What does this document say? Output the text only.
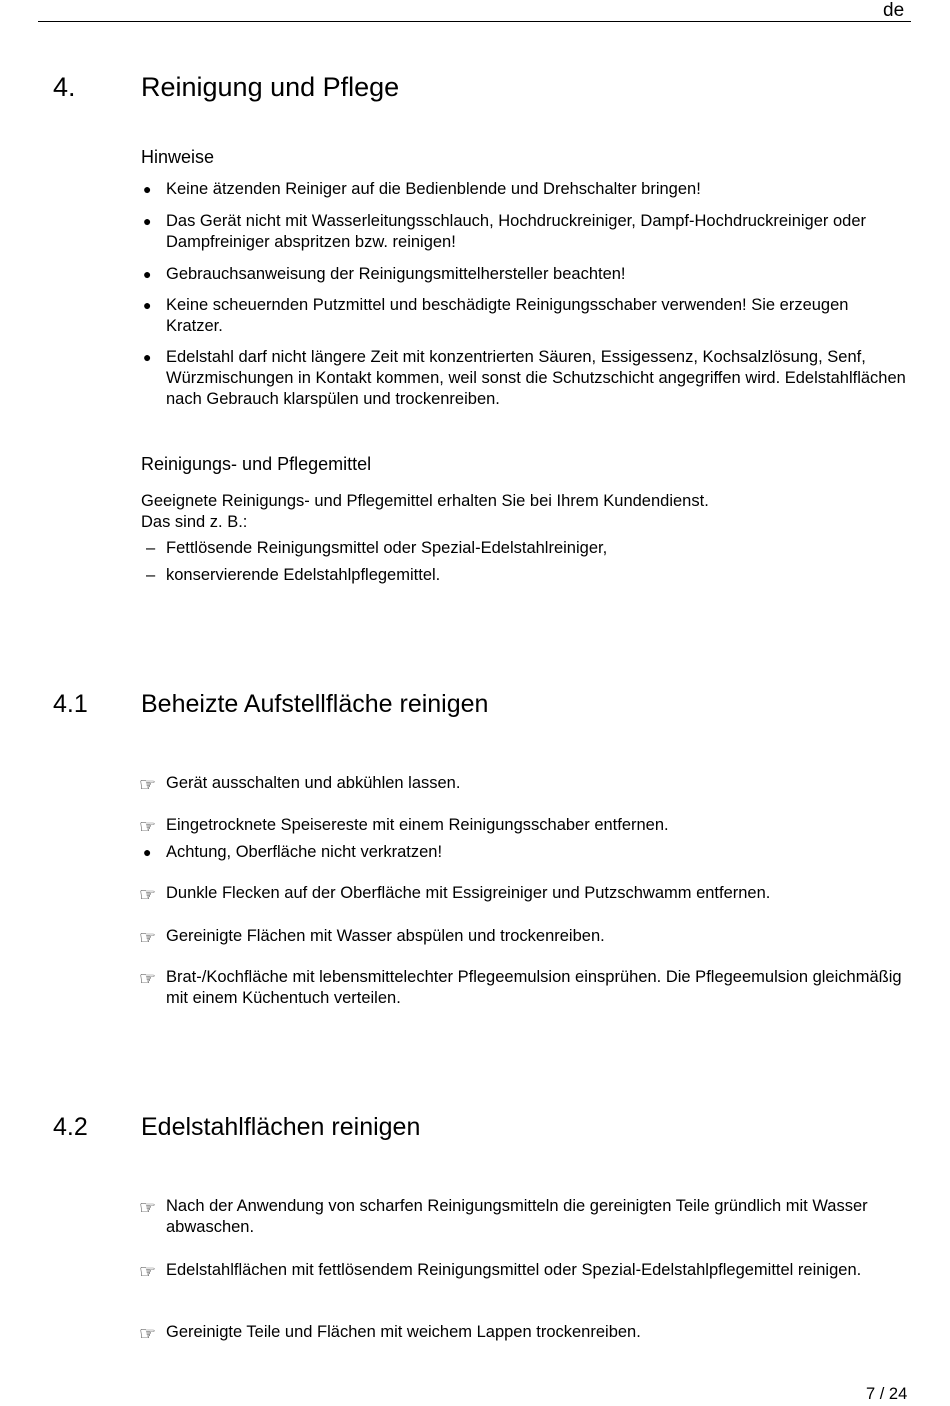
de
4. Reinigung und Pflege
Hinweise
● Keine ätzenden Reiniger auf die Bedienblende und Drehschalter bringen!
● Das Gerät nicht mit Wasserleitungsschlauch, Hochdruckreiniger, Dampf-Hochdruckreiniger oder Dampfreiniger abspritzen bzw. reinigen!
● Gebrauchsanweisung der Reinigungsmittelhersteller beachten!
● Keine scheuernden Putzmittel und beschädigte Reinigungsschaber verwenden! Sie erzeugen Kratzer.
● Edelstahl darf nicht längere Zeit mit konzentrierten Säuren, Essigessenz, Kochsalzlösung, Senf, Würzmischungen in Kontakt kommen, weil sonst die Schutzschicht angegriffen wird. Edelstahlflächen nach Gebrauch klarspülen und trockenreiben.
Reinigungs- und Pflegemittel
Geeignete Reinigungs- und Pflegemittel erhalten Sie bei Ihrem Kundendienst.
Das sind z. B.:
– Fettlösende Reinigungsmittel oder Spezial-Edelstahlreiniger,
– konservierende Edelstahlpflegemittel.
4.1 Beheizte Aufstellfläche reinigen
☞ Gerät ausschalten und abkühlen lassen.
☞ Eingetrocknete Speisereste mit einem Reinigungsschaber entfernen.
● Achtung, Oberfläche nicht verkratzen!
☞ Dunkle Flecken auf der Oberfläche mit Essigreiniger und Putzschwamm entfernen.
☞ Gereinigte Flächen mit Wasser abspülen und trockenreiben.
☞ Brat-/Kochfläche mit lebensmittelechter Pflegeemulsion einsprühen. Die Pflegeemulsion gleichmäßig mit einem Küchentuch verteilen.
4.2 Edelstahlflächen reinigen
☞ Nach der Anwendung von scharfen Reinigungsmitteln die gereinigten Teile gründlich mit Wasser abwaschen.
☞ Edelstahlflächen mit fettlösendem Reinigungsmittel oder Spezial-Edelstahlpflegemittel reinigen.
☞ Gereinigte Teile und Flächen mit weichem Lappen trockenreiben.
7 / 24
